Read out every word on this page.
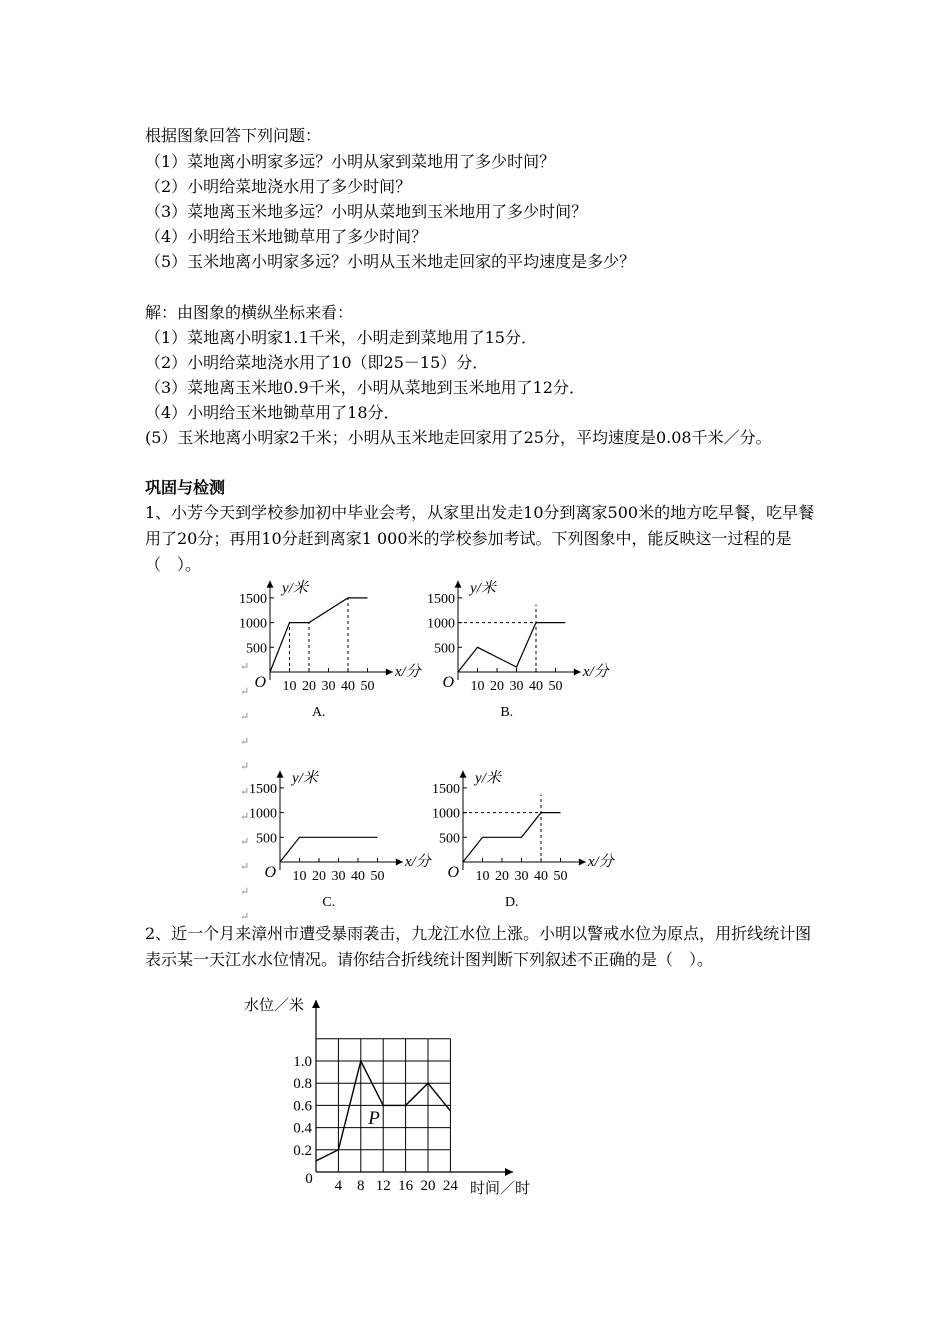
根据图象回答下列问题：
（1）菜地离小明家多远？小明从家到菜地用了多少时间？
（2）小明给菜地浇水用了多少时间？
（3）菜地离玉米地多远？小明从菜地到玉米地用了多少时间？
（4）小明给玉米地锄草用了多少时间？
（5）玉米地离小明家多远？小明从玉米地走回家的平均速度是多少？
解：由图象的横纵坐标来看：
（1）菜地离小明家1.1千米，小明走到菜地用了15分．
（2）小明给菜地浇水用了10（即25－15）分．
（3）菜地离玉米地0.9千米，小明从菜地到玉米地用了12分．
（4）小明给玉米地锄草用了18分．
(5）玉米地离小明家2千米；小明从玉米地走回家用了25分，平均速度是0.08千米／分。
巩固与检测
1、小芳今天到学校参加初中毕业会考，从家里出发走10分到离家500米的地方吃早餐，吃早餐用了20分；再用10分赶到离家1 000米的学校参加考试。下列图象中，能反映这一过程的是（　）。
↵
↵
↵
↵
↵
↵
↵
↵
↵
↵
↵
10 20 30 40 50
500
1000
1500
O
y/米
x/分
A.
10 20 30 40 50
500
1000
1500
O
y/米
x/分
B.
10 20 30 40 50
500
1000
1500
O
y/米
x/分
C.
10 20 30 40 50
500
1000
1500
O
y/米
x/分
D.
2、近一个月来漳州市遭受暴雨袭击，九龙江水位上涨。小明以警戒水位为原点，用折线统计图表示某一天江水水位情况。请你结合折线统计图判断下列叙述不正确的是（　）。
4 8 12 16 20 24
0.2
0.4
0.6
0.8
1.0
P
0
水位／米
时间／时
